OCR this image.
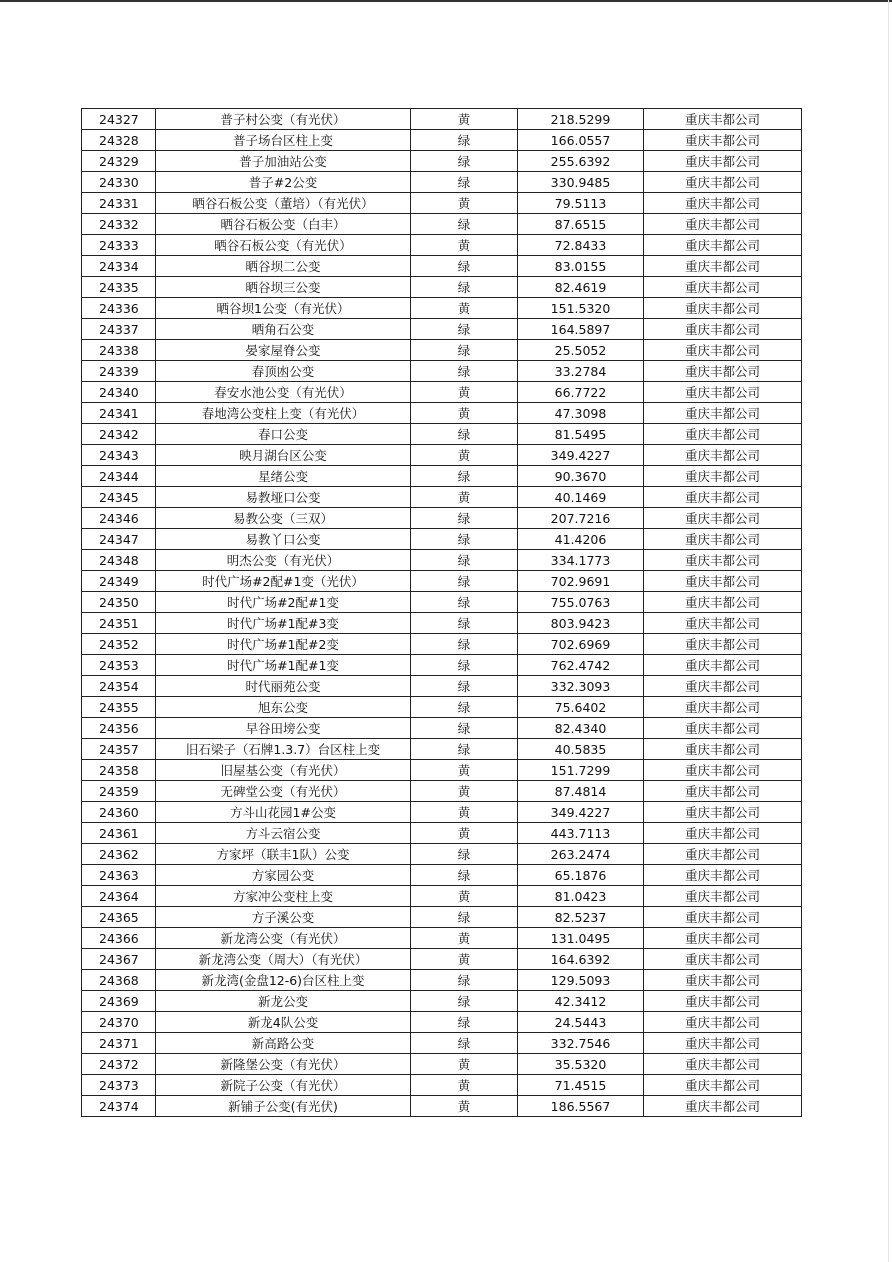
24327	普子村公变（有光伏）	黄	218.5299	重庆丰都公司
24328	普子场台区柱上变	绿	166.0557	重庆丰都公司
24329	普子加油站公变	绿	255.6392	重庆丰都公司
24330	普子#2公变	绿	330.9485	重庆丰都公司
24331	晒谷石板公变（董培）（有光伏）	黄	79.5113	重庆丰都公司
24332	晒谷石板公变（白丰）	绿	87.6515	重庆丰都公司
24333	晒谷石板公变（有光伏）	黄	72.8433	重庆丰都公司
24334	晒谷坝二公变	绿	83.0155	重庆丰都公司
24335	晒谷坝三公变	绿	82.4619	重庆丰都公司
24336	晒谷坝1公变（有光伏）	黄	151.5320	重庆丰都公司
24337	晒角石公变	绿	164.5897	重庆丰都公司
24338	晏家屋脊公变	绿	25.5052	重庆丰都公司
24339	春顶凼公变	绿	33.2784	重庆丰都公司
24340	春安水池公变（有光伏）	黄	66.7722	重庆丰都公司
24341	春地湾公变柱上变（有光伏）	黄	47.3098	重庆丰都公司
24342	春口公变	绿	81.5495	重庆丰都公司
24343	映月湖台区公变	黄	349.4227	重庆丰都公司
24344	星绪公变	绿	90.3670	重庆丰都公司
24345	易教垭口公变	黄	40.1469	重庆丰都公司
24346	易教公变（三双）	绿	207.7216	重庆丰都公司
24347	易教丫口公变	绿	41.4206	重庆丰都公司
24348	明杰公变（有光伏）	绿	334.1773	重庆丰都公司
24349	时代广场#2配#1变（光伏）	绿	702.9691	重庆丰都公司
24350	时代广场#2配#1变	绿	755.0763	重庆丰都公司
24351	时代广场#1配#3变	绿	803.9423	重庆丰都公司
24352	时代广场#1配#2变	绿	702.6969	重庆丰都公司
24353	时代广场#1配#1变	绿	762.4742	重庆丰都公司
24354	时代丽苑公变	绿	332.3093	重庆丰都公司
24355	旭东公变	绿	75.6402	重庆丰都公司
24356	早谷田塝公变	绿	82.4340	重庆丰都公司
24357	旧石梁子（石牌1.3.7）台区柱上变	绿	40.5835	重庆丰都公司
24358	旧屋基公变（有光伏）	黄	151.7299	重庆丰都公司
24359	无碑堂公变（有光伏）	黄	87.4814	重庆丰都公司
24360	方斗山花园1#公变	黄	349.4227	重庆丰都公司
24361	方斗云宿公变	黄	443.7113	重庆丰都公司
24362	方家坪（联丰1队）公变	绿	263.2474	重庆丰都公司
24363	方家园公变	绿	65.1876	重庆丰都公司
24364	方家冲公变柱上变	黄	81.0423	重庆丰都公司
24365	方子溪公变	绿	82.5237	重庆丰都公司
24366	新龙湾公变（有光伏）	黄	131.0495	重庆丰都公司
24367	新龙湾公变（周大）（有光伏）	黄	164.6392	重庆丰都公司
24368	新龙湾(金盘12-6)台区柱上变	绿	129.5093	重庆丰都公司
24369	新龙公变	绿	42.3412	重庆丰都公司
24370	新龙4队公变	绿	24.5443	重庆丰都公司
24371	新高路公变	绿	332.7546	重庆丰都公司
24372	新隆堡公变（有光伏）	黄	35.5320	重庆丰都公司
24373	新院子公变（有光伏）	黄	71.4515	重庆丰都公司
24374	新铺子公变(有光伏)	黄	186.5567	重庆丰都公司
